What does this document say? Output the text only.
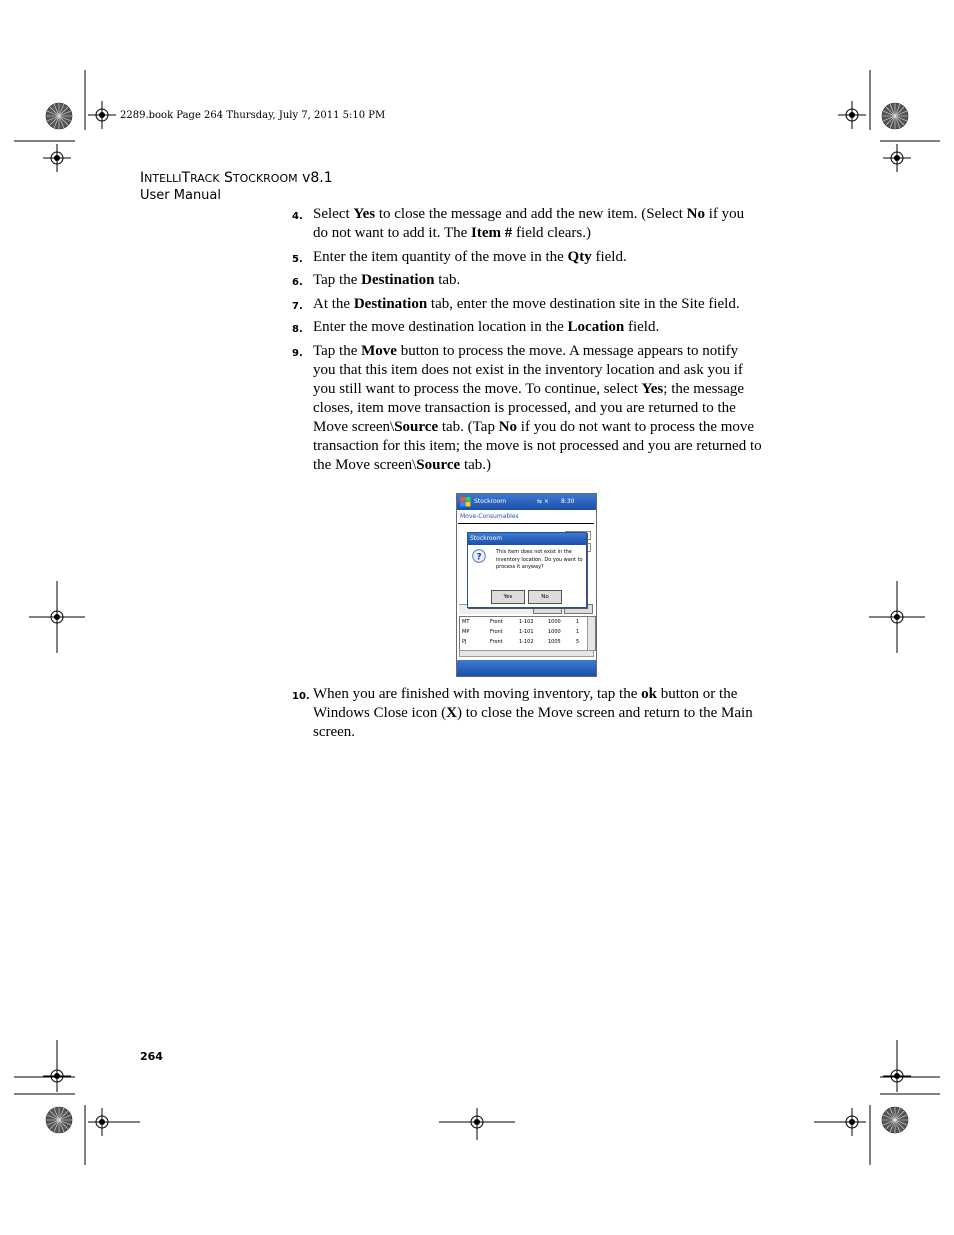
2289.book Page 264 Thursday, July 7, 2011 5:10 PM
INTELLITRACK STOCKROOM v8.1
User Manual
4. Select Yes to close the message and add the new item. (Select No if you do not want to add it. The Item # field clears.)
5. Enter the item quantity of the move in the Qty field.
6. Tap the Destination tab.
7. At the Destination tab, enter the move destination site in the Site field.
8. Enter the move destination location in the Location field.
9. Tap the Move button to process the move. A message appears to notify you that this item does not exist in the inventory location and ask you if you still want to process the move. To continue, select Yes; the message closes, item move transaction is processed, and you are returned to the Move screen\Source tab. (Tap No if you do not want to process the move transaction for this item; the move is not processed and you are returned to the Move screen\Source tab.)
Stockroom	⇆ × 8:30
Move-Consumables
Stockroom
?
This item does not exist in the inventory location. Do you want to process it anyway?
Yes	No
MT	Front	1-102	1000	1
MP	Front	1-101	1000	1
PJ	Front	1-102	1005	5
10. When you are finished with moving inventory, tap the ok button or the Windows Close icon (X) to close the Move screen and return to the Main screen.
264
